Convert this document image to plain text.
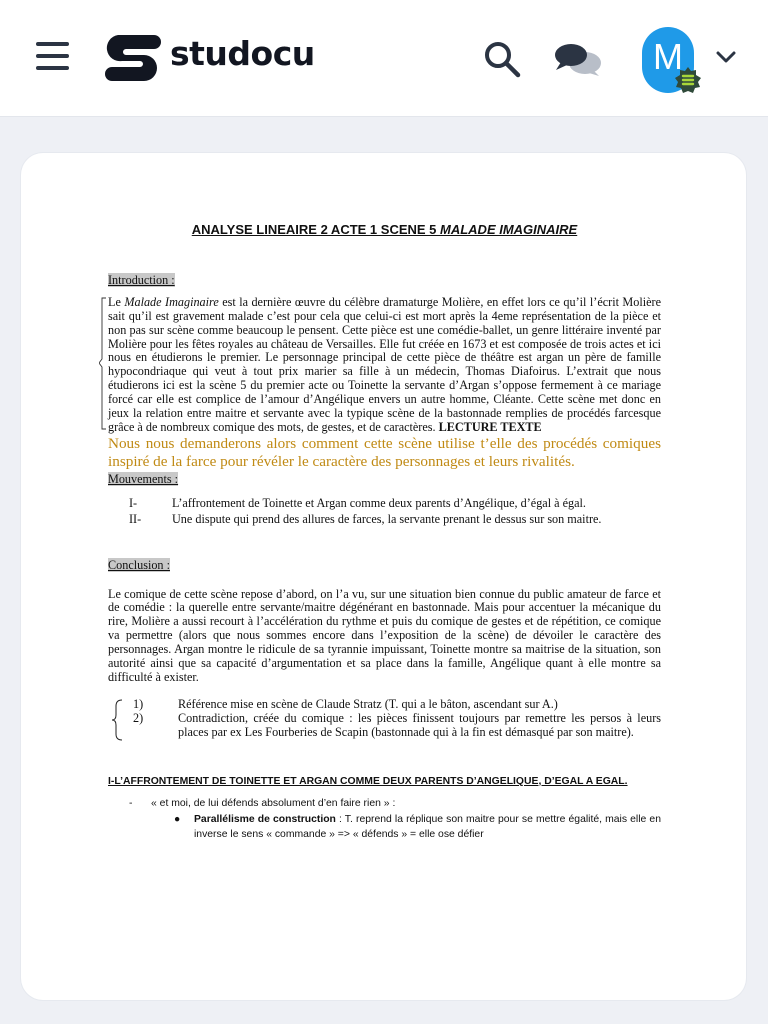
studocu	M
ANALYSE LINEAIRE 2 ACTE 1 SCENE 5 MALADE IMAGINAIRE

Introduction :

Le Malade Imaginaire est la dernière œuvre du célèbre dramaturge Molière, en effet lors ce qu’il l’écrit Molière sait qu’il est gravement malade c’est pour cela que celui-ci est mort après la 4eme représentation de la pièce et non pas sur scène comme beaucoup le pensent. Cette pièce est une comédie-ballet, un genre littéraire inventé par Molière pour les fêtes royales au château de Versailles. Elle fut créée en 1673 et est composée de trois actes et ici nous en étudierons le premier. Le personnage principal de cette pièce de théâtre est argan un père de famille hypocondriaque qui veut à tout prix marier sa fille à un médecin, Thomas Diafoirus. L’extrait que nous étudierons ici est la scène 5 du premier acte ou Toinette la servante d’Argan s’oppose fermement à ce mariage forcé car elle est complice de l’amour d’Angélique envers un autre homme, Cléante. Cette scène met donc en jeux la relation entre maitre et servante avec la typique scène de la bastonnade remplies de procédés farcesque grâce à de nombreux comique des mots, de gestes, et de caractères. LECTURE TEXTE

Nous nous demanderons alors comment cette scène utilise t’elle des procédés comiques inspiré de la farce pour révéler le caractère des personnages et leurs rivalités.

Mouvements :

I-	L’affrontement de Toinette et Argan comme deux parents d’Angélique, d’égal à égal.
II-	Une dispute qui prend des allures de farces, la servante prenant le dessus sur son maitre.

Conclusion :

Le comique de cette scène repose d’abord, on l’a vu, sur une situation bien connue du public amateur de farce et de comédie : la querelle entre servante/maitre dégénérant en bastonnade. Mais pour accentuer la mécanique du rire, Molière a aussi recourt à l’accélération du rythme et puis du comique de gestes et de répétition, ce comique va permettre (alors que nous sommes encore dans l’exposition de la scène) de dévoiler le caractère des personnages. Argan montre le ridicule de sa tyrannie impuissant, Toinette montre sa maitrise de la situation, son autorité ainsi que sa capacité d’argumentation et sa place dans la famille, Angélique quant à elle montre sa difficulté à exister.

1)	Référence mise en scène de Claude Stratz (T. qui a le bâton, ascendant sur A.)
2)	Contradiction, créée du comique : les pièces finissent toujours par remettre les persos à leurs places par ex Les Fourberies de Scapin (bastonnade qui à la fin est démasqué par son maitre).

I-L’AFFRONTEMENT DE TOINETTE ET ARGAN COMME DEUX PARENTS D’ANGELIQUE, D’EGAL A EGAL.

-	« et moi, de lui défends absolument d’en faire rien » :
●	Parallélisme de construction : T. reprend la réplique son maitre pour se mettre égalité, mais elle en inverse le sens « commande » => « défends » = elle ose défier
